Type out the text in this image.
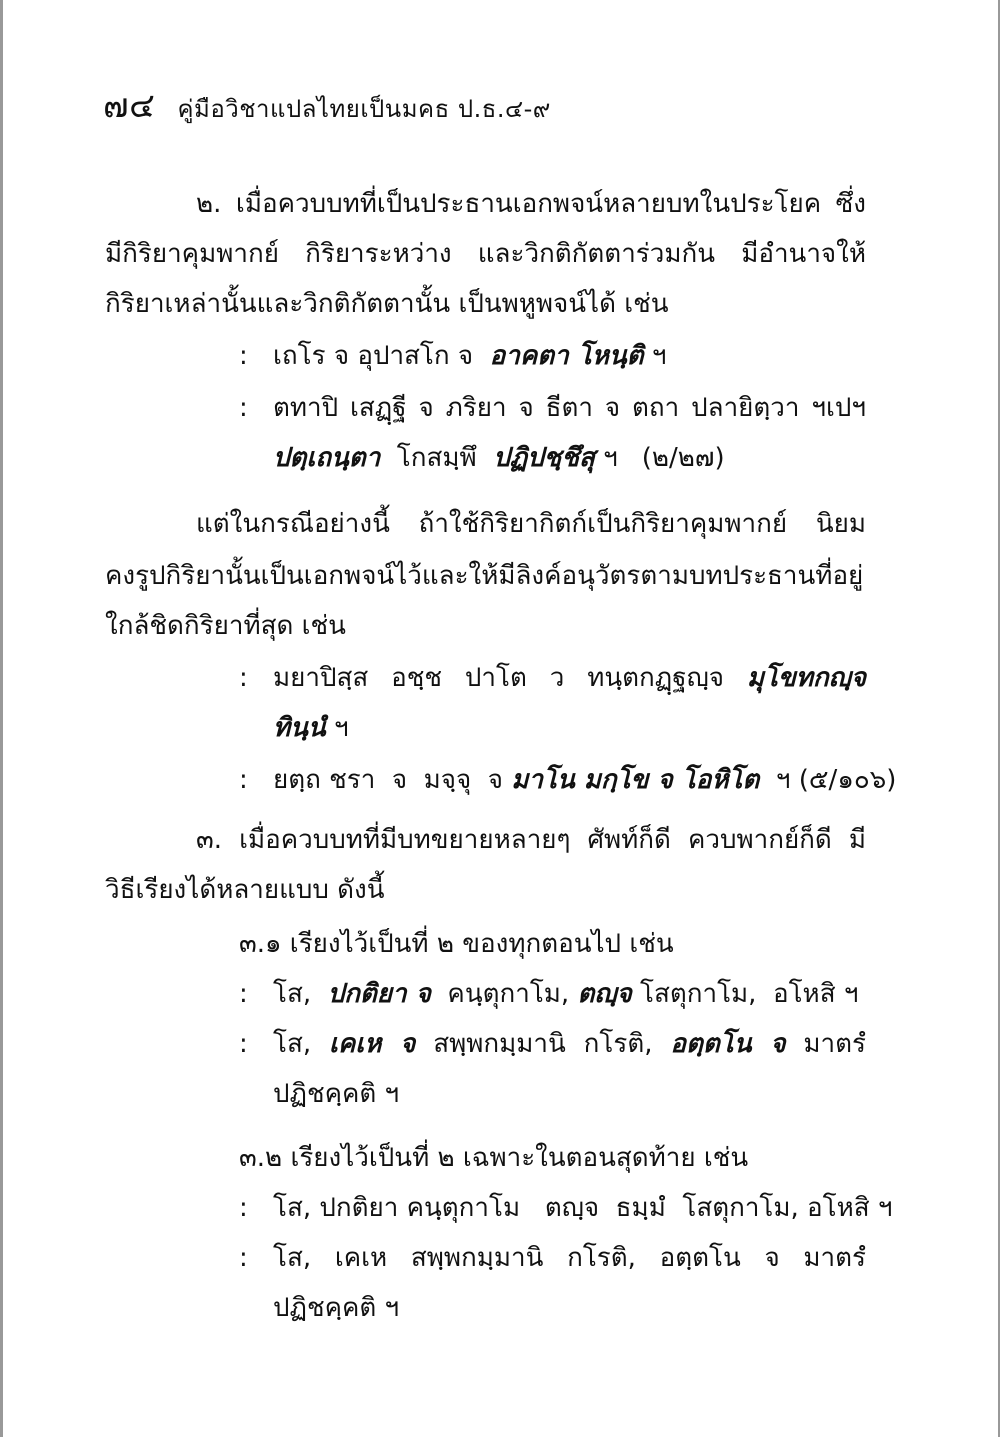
๗๔ คู่มือวิชาแปลไทยเป็นมคธ ป.ธ.๔-๙
๒. เมื่อควบบทที่เป็นประธานเอกพจน์หลายบทในประโยค ซึ่ง
มีกิริยาคุมพากย์ กิริยาระหว่าง และวิกติกัตตาร่วมกัน มีอำนาจให้
กิริยาเหล่านั้นและวิกติกัตตานั้น เป็นพหูพจน์ได้ เช่น
: เถโร จ อุปาสโก จ อาคตา โหนฺติ ฯ
: ตทาปิ เสฏฺฐี จ ภริยา จ ธีตา จ ตถา ปลายิตฺวา ฯเปฯ
ปตฺเถนฺตา  โกสมฺพึ  ปฏิปชฺชึสุ ฯ (๒/๒๗)
แต่ในกรณีอย่างนี้ ถ้าใช้กิริยากิตก์เป็นกิริยาคุมพากย์ นิยม
คงรูปกิริยานั้นเป็นเอกพจน์ไว้และให้มีลิงค์อนุวัตรตามบทประธานที่อยู่
ใกล้ชิดกิริยาที่สุด เช่น
: มยาปิสฺส อชฺช ปาโต ว ทนฺตกฏฺฐญฺจ มุโขทกญฺจ
ทินฺนํ ฯ
: ยตฺถ ชรา  จ  มจฺจุ  จ มาโน มกฺโข จ โอหิโต  ฯ (๕/๑๐๖)
๓. เมื่อควบบทที่มีบทขยายหลายๆ ศัพท์ก็ดี ควบพากย์ก็ดี มี
วิธีเรียงได้หลายแบบ ดังนี้
๓.๑ เรียงไว้เป็นที่ ๒ ของทุกตอนไป เช่น
: โส,  ปกติยา จ  คนฺตุกาโม, ตญฺจ โสตุกาโม,  อโหสิ ฯ
: โส, เคเห จ สพฺพกมฺมานิ กโรติ, อตฺตโน จ มาตรํ
ปฏิชคฺคติ ฯ
๓.๒ เรียงไว้เป็นที่ ๒ เฉพาะในตอนสุดท้าย เช่น
: โส, ปกติยา คนฺตุกาโม   ตญฺจ  ธมฺมํ  โสตุกาโม, อโหสิ ฯ
: โส, เคเห สพฺพกมฺมานิ กโรติ, อตฺตโน จ มาตรํ
ปฏิชคฺคติ ฯ
